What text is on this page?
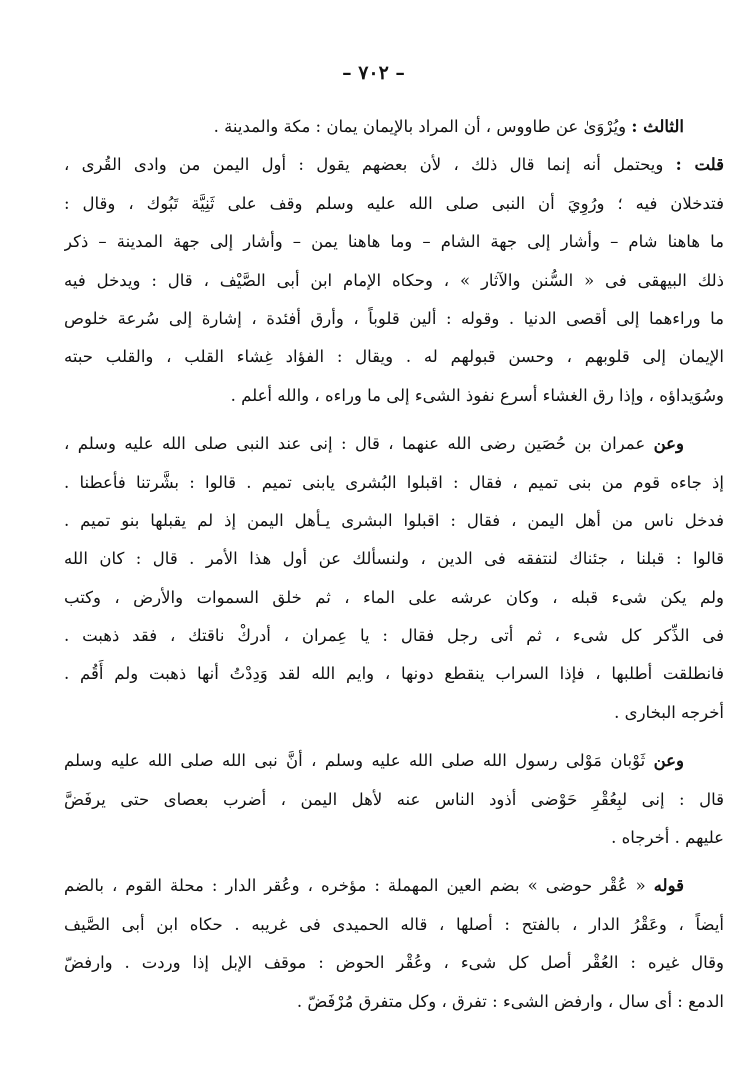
– ٧٠٢ –
الثالث : ويُرْوَىٰ عن طاووس ، أن المراد بالإيمان يمان : مكة والمدينة .
قلت : ويحتمل أنه إنما قال ذلك ، لأن بعضهم يقول : أول اليمن من وادى القُرى ،
فتدخلان فيه ؛ ورُوِيَ أن النبى صلى الله عليه وسلم وقف على ثَنِيَّة تَبُوك ، وقال :
ما هاهنا شام – وأشار إلى جهة الشام – وما هاهنا يمن – وأشار إلى جهة المدينة – ذكر
ذلك البيهقى فى « السُّنن والآثار » ، وحكاه الإمام ابن أبى الصَّيْف ، قال : ويدخل فيه
ما وراءهما إلى أقصى الدنيا . وقوله : ألين قلوباً ، وأرق أفئدة ، إشارة إلى سُرعة خلوص
الإيمان إلى قلوبهم ، وحسن قبولهم له . ويقال : الفؤاد غِشاء القلب ، والقلب حبته
وسُوَيداؤه ، وإذا رق الغشاء أسرع نفوذ الشىء إلى ما وراءه ، والله أعلم .
وعن عمران بن حُصَين رضى الله عنهما ، قال : إنى عند النبى صلى الله عليه وسلم ،
إذ جاءه قوم من بنى تميم ، فقال : اقبلوا البُشرى يابنى تميم . قالوا : بشَّرتنا فأعطنا .
فدخل ناس من أهل اليمن ، فقال : اقبلوا البشرى يـأهل اليمن إذ لم يقبلها بنو تميم .
قالوا : قبلنا ، جئناك لنتفقه فى الدين ، ولنسألك عن أول هذا الأمر . قال : كان الله
ولم يكن شىء قبله ، وكان عرشه على الماء ، ثم خلق السموات والأرض ، وكتب
فى الذِّكر كل شىء ، ثم أتى رجل فقال : يا عِمران ، أدركْ ناقتك ، فقد ذهبت .
فانطلقت أطلبها ، فإذا السراب ينقطع دونها ، وايم الله لقد وَدِدْتُ أنها ذهبت ولم أَقُم .
أخرجه البخارى .
وعن ثَوْبان مَوْلى رسول الله صلى الله عليه وسلم ، أنَّ نبى الله صلى الله عليه وسلم
قال : إنى لبِعُقْرِ حَوْضى أذود الناس عنه لأهل اليمن ، أضرب بعصاى حتى يرفَضَّ
عليهم . أخرجاه .
قوله « عُقْر حوضى » بضم العين المهملة : مؤخره ، وعُقر الدار : محلة القوم ، بالضم
أيضاً ، وعَقْرُ الدار ، بالفتح : أصلها ، قاله الحميدى فى غريبه . حكاه ابن أبى الصَّيف
وقال غيره : العُقْر أصل كل شىء ، وعُقْر الحوض : موقف الإبل إذا وردت . وارفضّ
الدمع : أى سال ، وارفض الشىء : تفرق ، وكل متفرق مُرْفَضّ .
